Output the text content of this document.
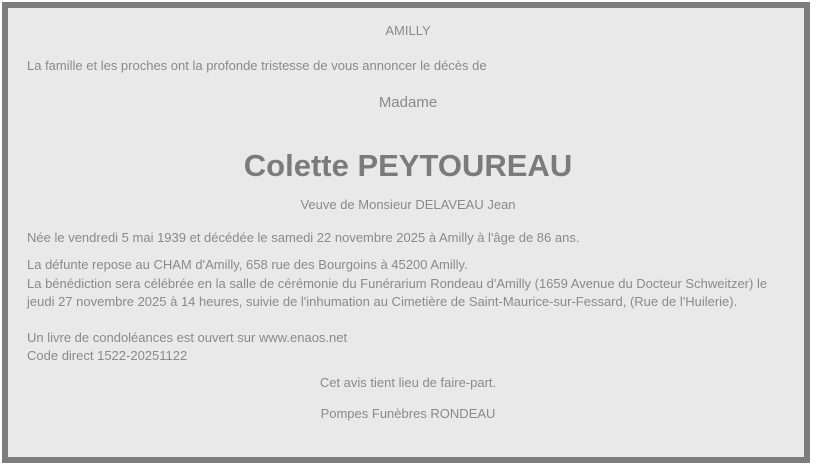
AMILLY
La famille et les proches ont la profonde tristesse de vous annoncer le décès de
Madame
Colette PEYTOUREAU
Veuve de Monsieur DELAVEAU Jean
Née le vendredi 5 mai 1939 et décédée le samedi 22 novembre 2025 à Amilly à l'âge de 86 ans.
La défunte repose au CHAM d'Amilly, 658 rue des Bourgoins à 45200 Amilly.
La bénédiction sera célébrée en la salle de cérémonie du Funérarium Rondeau d'Amilly (1659 Avenue du Docteur Schweitzer) le jeudi 27 novembre 2025 à 14 heures, suivie de l'inhumation au Cimetière de Saint-Maurice-sur-Fessard, (Rue de l'Huilerie).
Un livre de condoléances est ouvert sur www.enaos.net
Code direct 1522-20251122
Cet avis tient lieu de faire-part.
Pompes Funèbres RONDEAU
